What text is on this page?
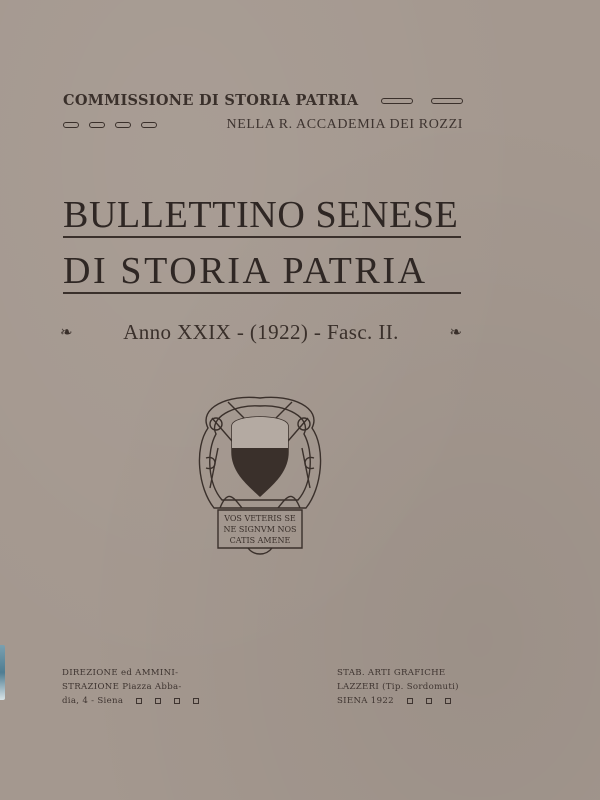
COMMISSIONE DI STORIA PATRIA
NELLA R. ACCADEMIA DEI ROZZI
BULLETTINO SENESE
DI STORIA PATRIA
❧	Anno XXIX - (1922) - Fasc. II.	❧
VOS VETERIS SE
NE SIGNVM NOS
CATIS AMENE
DIREZIONE ed AMMINI-
STRAZIONE Piazza Abba-
dia, 4 - Siena
STAB. ARTI GRAFICHE
LAZZERI (Tip. Sordomuti)
SIENA 1922
